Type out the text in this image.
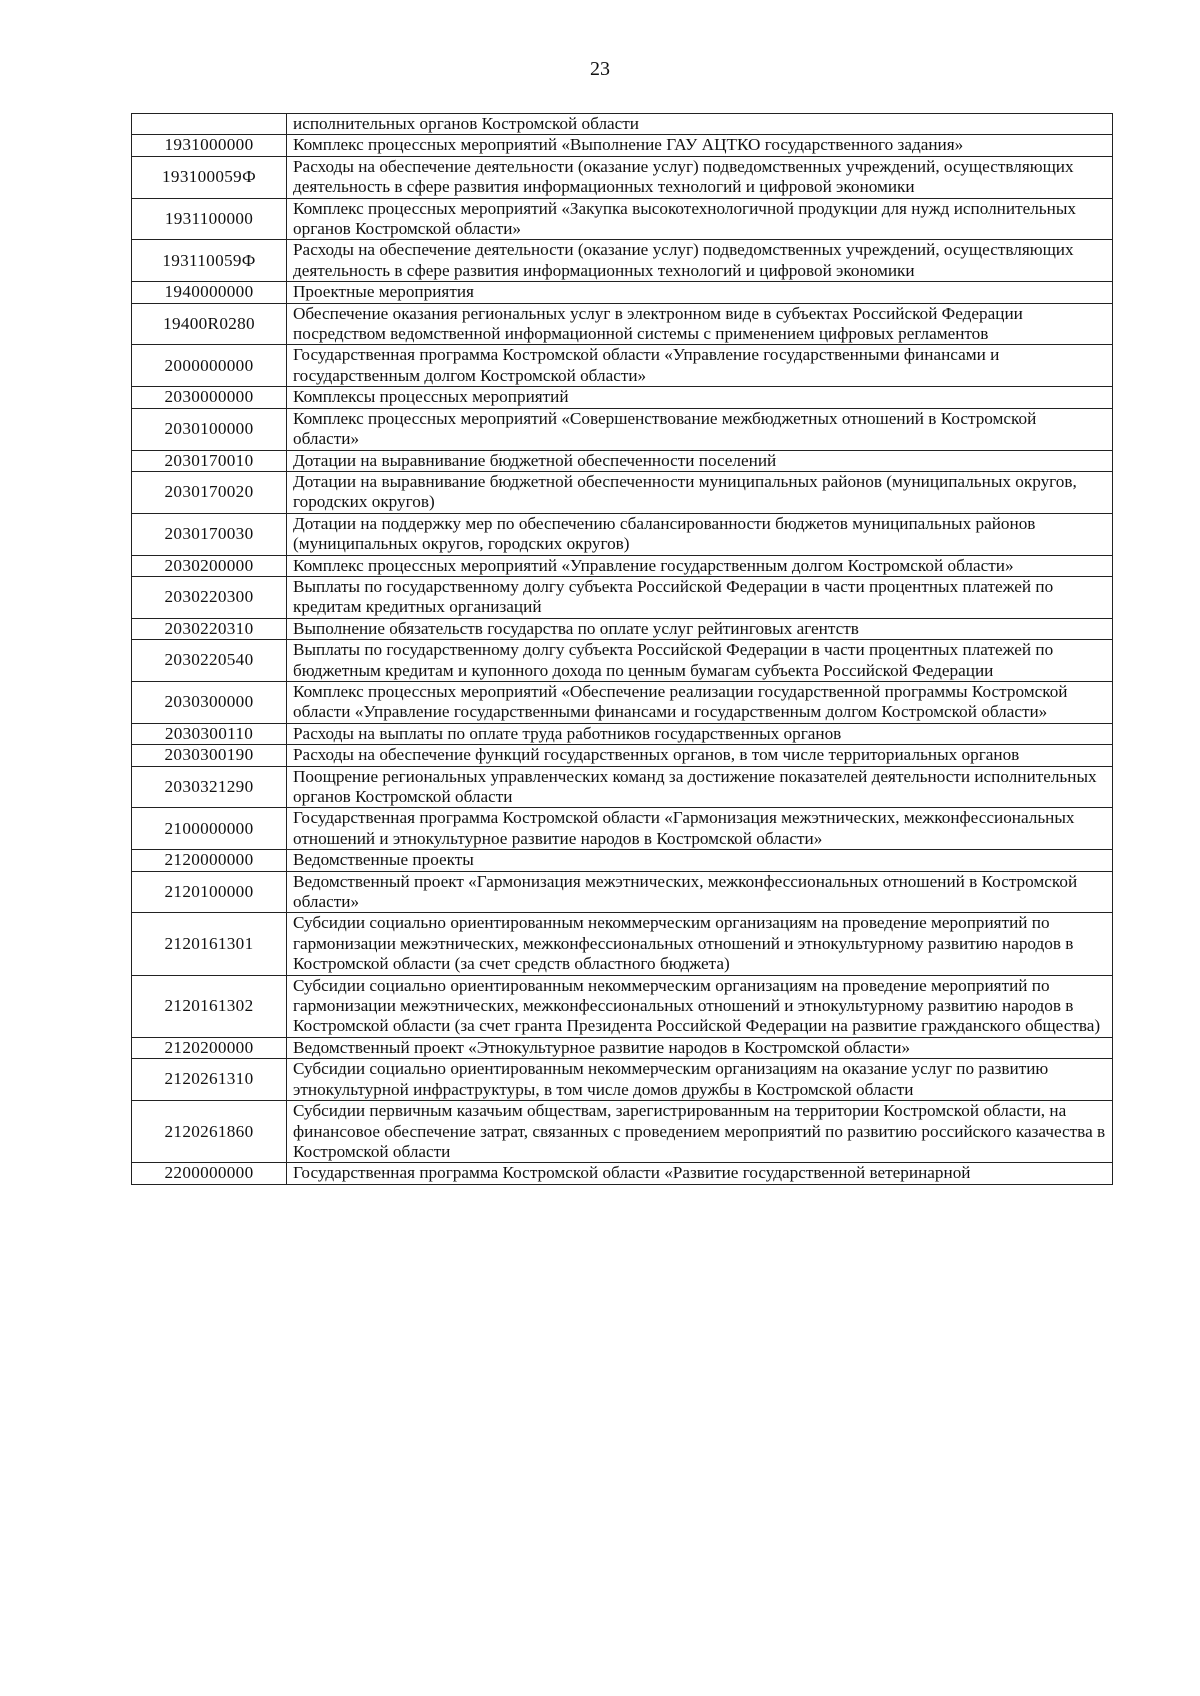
23
	исполнительных органов Костромской области
1931000000	Комплекс процессных мероприятий «Выполнение ГАУ АЦТКО государственного задания»
193100059Ф	Расходы на обеспечение деятельности (оказание услуг) подведомственных учреждений, осуществляющих деятельность в сфере развития информационных технологий и цифровой экономики
1931100000	Комплекс процессных мероприятий «Закупка высокотехнологичной продукции для нужд исполнительных органов Костромской области»
193110059Ф	Расходы на обеспечение деятельности (оказание услуг) подведомственных учреждений, осуществляющих деятельность в сфере развития информационных технологий и цифровой экономики
1940000000	Проектные мероприятия
19400R0280	Обеспечение оказания региональных услуг в электронном виде в субъектах Российской Федерации посредством ведомственной информационной системы с применением цифровых регламентов
2000000000	Государственная программа Костромской области «Управление государственными финансами и государственным долгом Костромской области»
2030000000	Комплексы процессных мероприятий
2030100000	Комплекс процессных мероприятий «Совершенствование межбюджетных отношений в Костромской области»
2030170010	Дотации на выравнивание бюджетной обеспеченности поселений
2030170020	Дотации на выравнивание бюджетной обеспеченности муниципальных районов (муниципальных округов, городских округов)
2030170030	Дотации на поддержку мер по обеспечению сбалансированности бюджетов муниципальных районов (муниципальных округов, городских округов)
2030200000	Комплекс процессных мероприятий «Управление государственным долгом Костромской области»
2030220300	Выплаты по государственному долгу субъекта Российской Федерации в части процентных платежей по кредитам кредитных организаций
2030220310	Выполнение обязательств государства по оплате услуг рейтинговых агентств
2030220540	Выплаты по государственному долгу субъекта Российской Федерации в части процентных платежей по бюджетным кредитам и купонного дохода по ценным бумагам субъекта Российской Федерации
2030300000	Комплекс процессных мероприятий «Обеспечение реализации государственной программы Костромской области «Управление государственными финансами и государственным долгом Костромской области»
2030300110	Расходы на выплаты по оплате труда работников государственных органов
2030300190	Расходы на обеспечение функций государственных органов, в том числе территориальных органов
2030321290	Поощрение региональных управленческих команд за достижение показателей деятельности исполнительных органов Костромской области
2100000000	Государственная программа Костромской области «Гармонизация межэтнических, межконфессиональных отношений и этнокультурное развитие народов в Костромской области»
2120000000	Ведомственные проекты
2120100000	Ведомственный проект «Гармонизация межэтнических, межконфессиональных отношений в Костромской области»
2120161301	Субсидии социально ориентированным некоммерческим организациям на проведение мероприятий по гармонизации межэтнических, межконфессиональных отношений и этнокультурному развитию народов в Костромской области (за счет средств областного бюджета)
2120161302	Субсидии социально ориентированным некоммерческим организациям на проведение мероприятий по гармонизации межэтнических, межконфессиональных отношений и этнокультурному развитию народов в Костромской области (за счет гранта Президента Российской Федерации на развитие гражданского общества)
2120200000	Ведомственный проект «Этнокультурное развитие народов в Костромской области»
2120261310	Субсидии социально ориентированным некоммерческим организациям на оказание услуг по развитию этнокультурной инфраструктуры, в том числе домов дружбы в Костромской области
2120261860	Субсидии первичным казачьим обществам, зарегистрированным на территории Костромской области, на финансовое обеспечение затрат, связанных с проведением мероприятий по развитию российского казачества в Костромской области
2200000000	Государственная программа Костромской области «Развитие государственной ветеринарной
